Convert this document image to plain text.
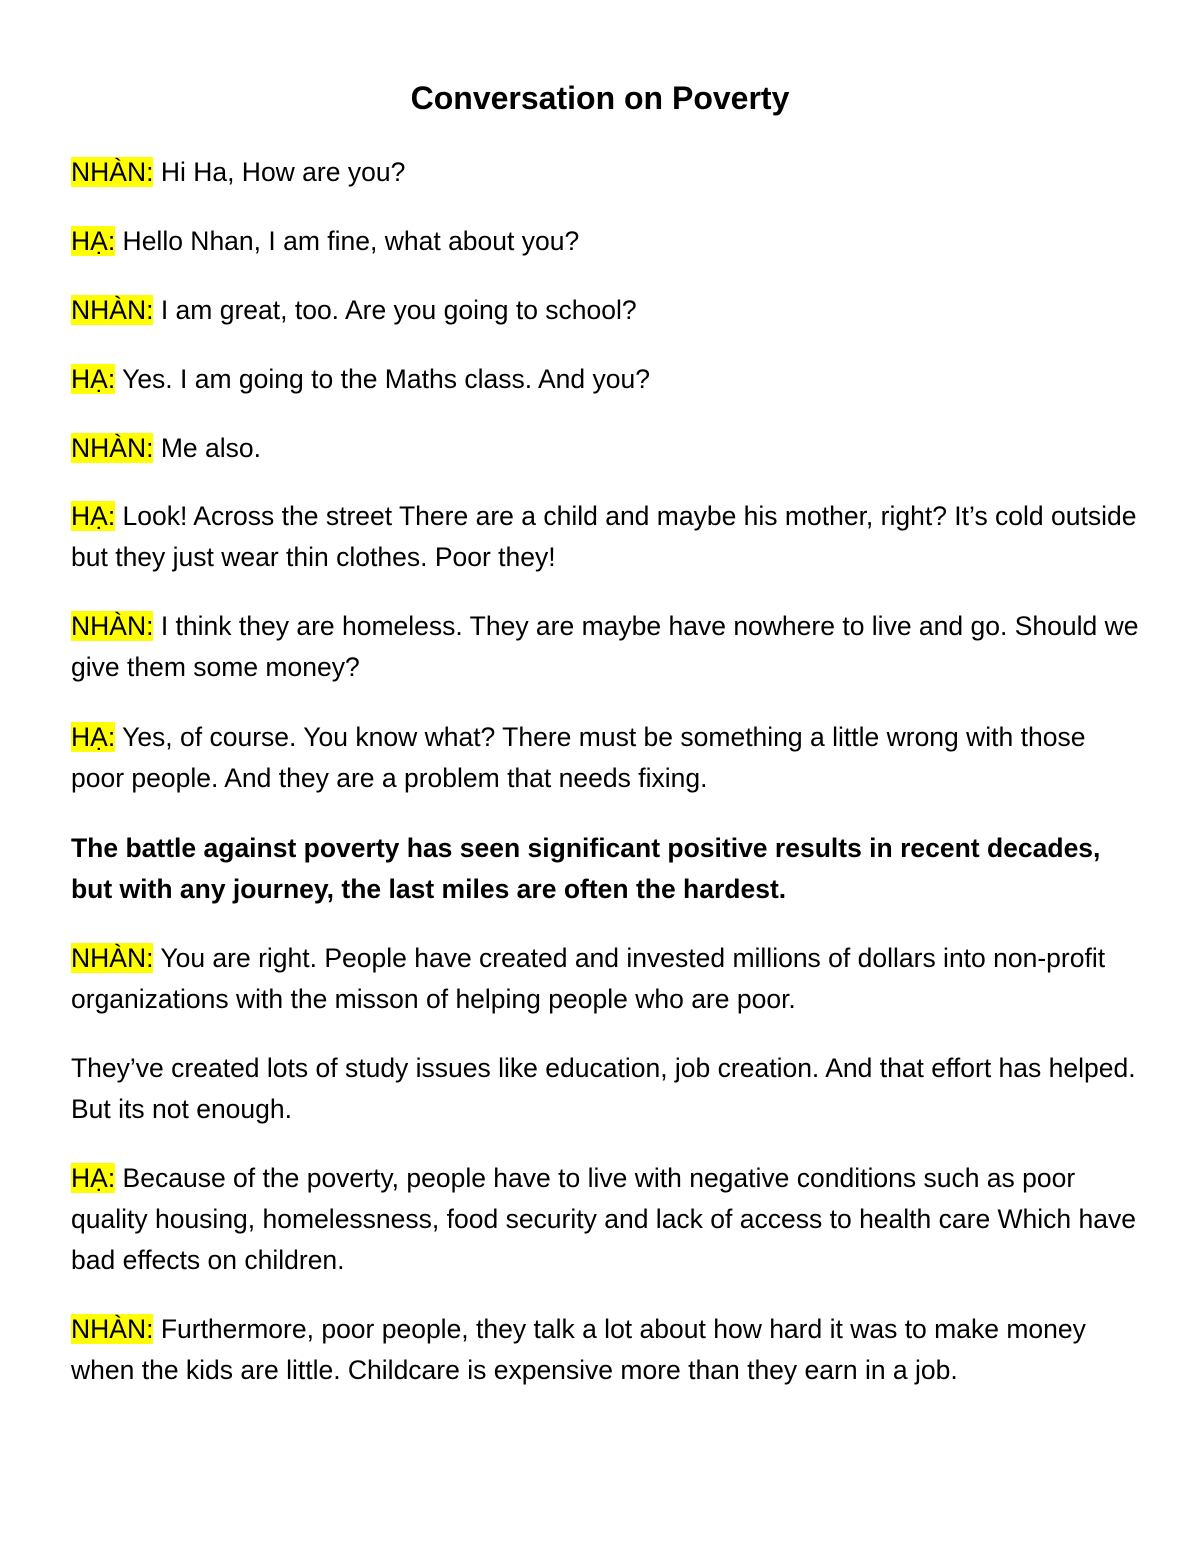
Conversation on Poverty

NHÀN: Hi Ha, How are you?

HẠ: Hello Nhan, I am fine, what about you?

NHÀN: I am great, too. Are you going to school?

HẠ: Yes. I am going to the Maths class. And you?

NHÀN: Me also.

HẠ: Look! Across the street There are a child and maybe his mother, right? It’s cold outside but they just wear thin clothes. Poor they!

NHÀN: I think they are homeless. They are maybe have nowhere to live and go. Should we give them some money?

HẠ: Yes, of course. You know what? There must be something a little wrong with those poor people. And they are a problem that needs fixing.

The battle against poverty has seen significant positive results in recent decades, but with any journey, the last miles are often the hardest.

NHÀN: You are right. People have created and invested millions of dollars into non-profit organizations with the misson of helping people who are poor.

They’ve created lots of study issues like education, job creation. And that effort has helped. But its not enough.

HẠ: Because of the poverty, people have to live with negative conditions such as poor quality housing, homelessness, food security and lack of access to health care Which have bad effects on children.

NHÀN: Furthermore, poor people, they talk a lot about how hard it was to make money when the kids are little. Childcare is expensive more than they earn in a job.
